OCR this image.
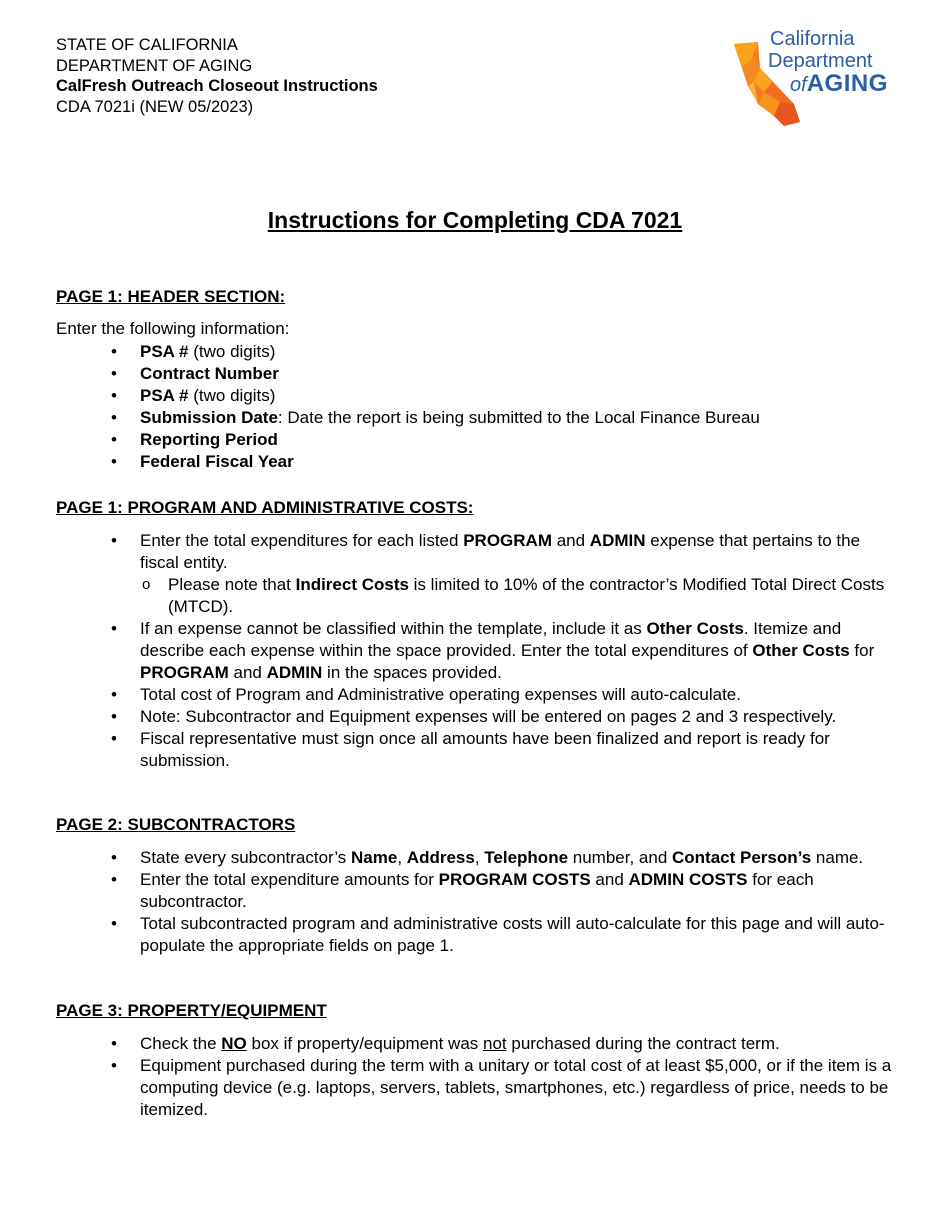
STATE OF CALIFORNIA
DEPARTMENT OF AGING
CalFresh Outreach Closeout Instructions
CDA 7021i (NEW 05/2023)
California
Department
ofAGING
Instructions for Completing CDA 7021
PAGE 1: HEADER SECTION:
Enter the following information:
• PSA # (two digits)
• Contract Number
• PSA # (two digits)
• Submission Date: Date the report is being submitted to the Local Finance Bureau
• Reporting Period
• Federal Fiscal Year
PAGE 1: PROGRAM AND ADMINISTRATIVE COSTS:
• Enter the total expenditures for each listed PROGRAM and ADMIN expense that pertains to the fiscal entity.
o Please note that Indirect Costs is limited to 10% of the contractor’s Modified Total Direct Costs (MTCD).
• If an expense cannot be classified within the template, include it as Other Costs. Itemize and describe each expense within the space provided. Enter the total expenditures of Other Costs for PROGRAM and ADMIN in the spaces provided.
• Total cost of Program and Administrative operating expenses will auto-calculate.
• Note: Subcontractor and Equipment expenses will be entered on pages 2 and 3 respectively.
• Fiscal representative must sign once all amounts have been finalized and report is ready for submission.
PAGE 2: SUBCONTRACTORS
• State every subcontractor’s Name, Address, Telephone number, and Contact Person’s name.
• Enter the total expenditure amounts for PROGRAM COSTS and ADMIN COSTS for each subcontractor.
• Total subcontracted program and administrative costs will auto-calculate for this page and will auto-populate the appropriate fields on page 1.
PAGE 3: PROPERTY/EQUIPMENT
• Check the NO box if property/equipment was not purchased during the contract term.
• Equipment purchased during the term with a unitary or total cost of at least $5,000, or if the item is a computing device (e.g. laptops, servers, tablets, smartphones, etc.) regardless of price, needs to be itemized.
